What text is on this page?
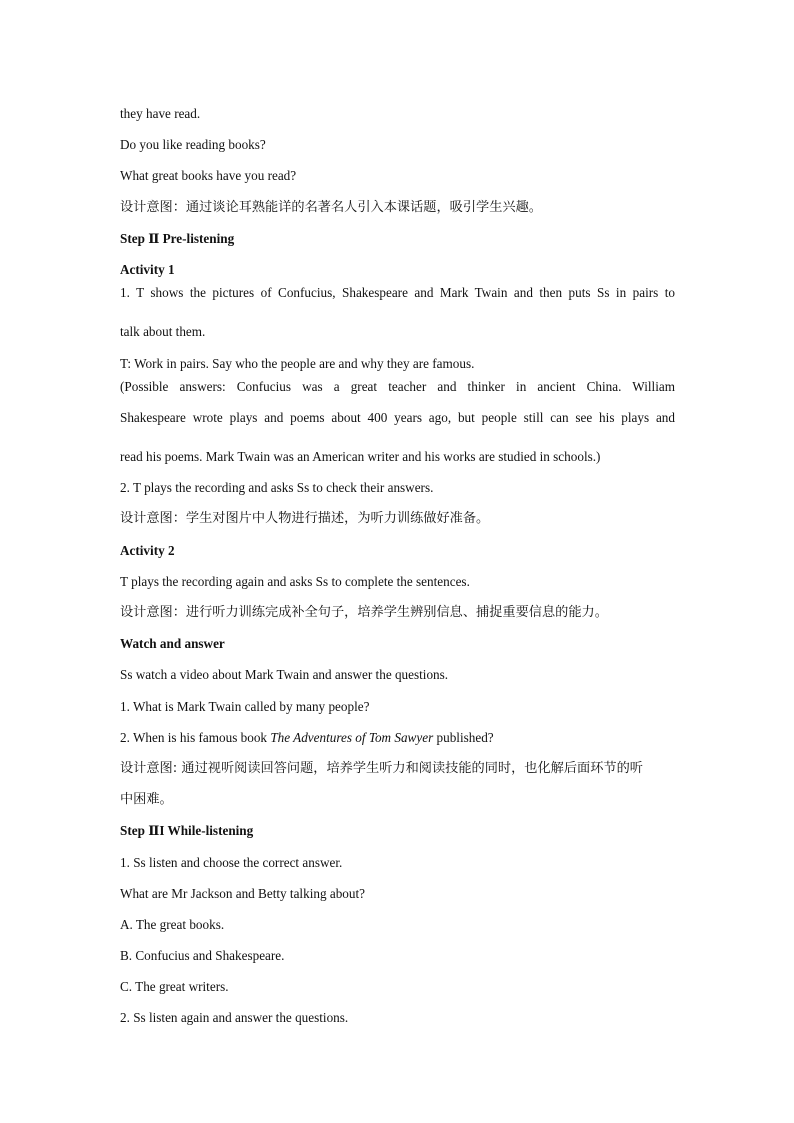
they have read.
Do you like reading books?
What great books have you read?
设计意图：通过谈论耳熟能详的名著名人引入本课话题，吸引学生兴趣。
Step Ⅱ Pre-listening
Activity 1
1. T shows the pictures of Confucius, Shakespeare and Mark Twain and then puts Ss in pairs to
talk about them.
T: Work in pairs. Say who the people are and why they are famous.
(Possible answers: Confucius was a great teacher and thinker in ancient China. William
Shakespeare wrote plays and poems about 400 years ago, but people still can see his plays and
read his poems. Mark Twain was an American writer and his works are studied in schools.)
2. T plays the recording and asks Ss to check their answers.
设计意图：学生对图片中人物进行描述，为听力训练做好准备。
Activity 2
T plays the recording again and asks Ss to complete the sentences.
设计意图：进行听力训练完成补全句子，培养学生辨别信息、捕捉重要信息的能力。
Watch and answer
Ss watch a video about Mark Twain and answer the questions.
1. What is Mark Twain called by many people?
2. When is his famous book The Adventures of Tom Sawyer published?
设计意图: 通过视听阅读回答问题，培养学生听力和阅读技能的同时，也化解后面环节的听
中困难。
Step ⅡI While-listening
1. Ss listen and choose the correct answer.
What are Mr Jackson and Betty talking about?
A. The great books.
B. Confucius and Shakespeare.
C. The great writers.
2. Ss listen again and answer the questions.
